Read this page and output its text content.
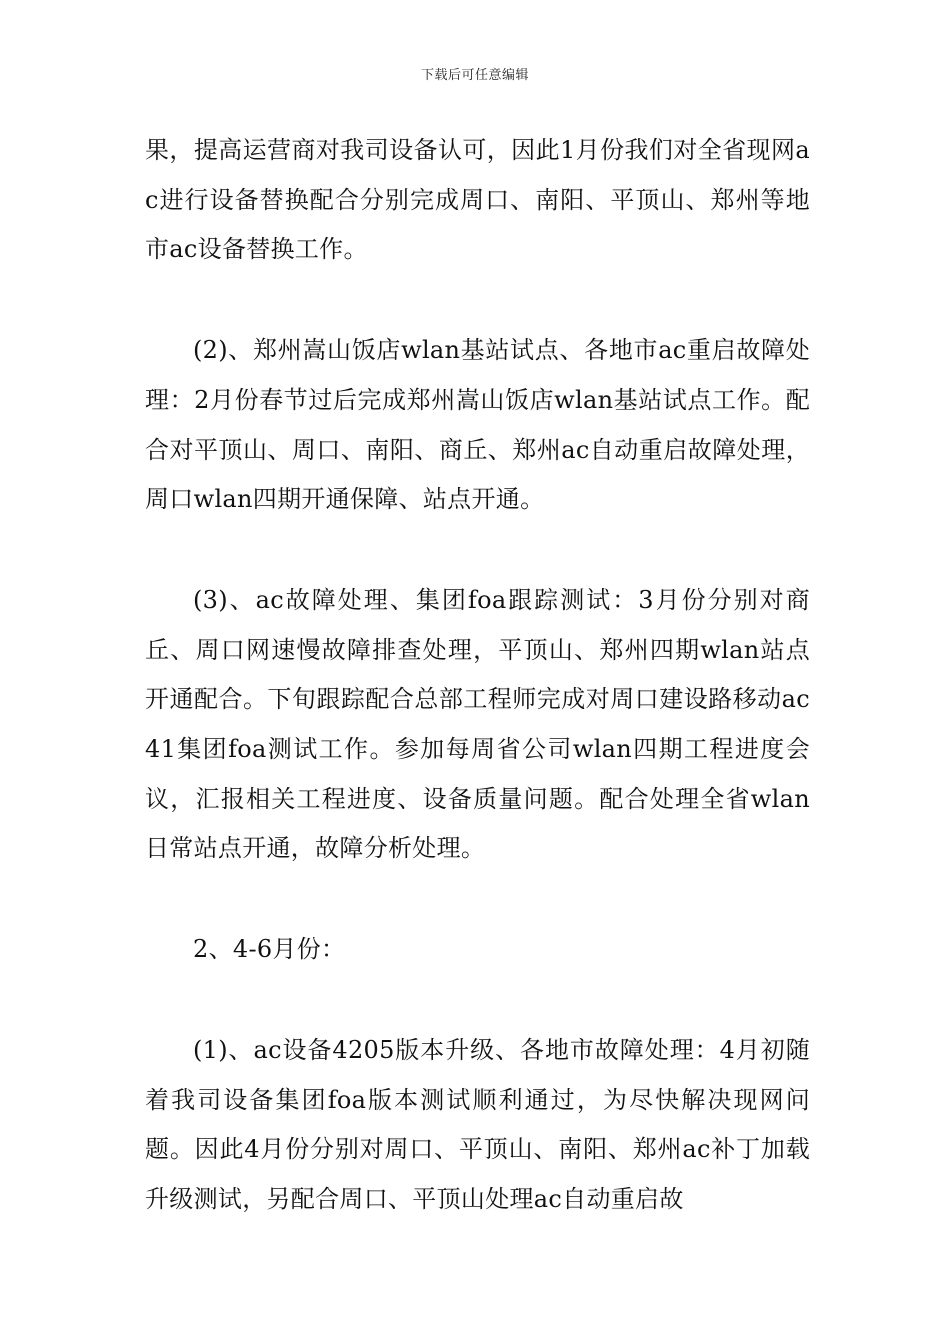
下载后可任意编辑

果，提高运营商对我司设备认可，因此1月份我们对全省现网ac进行设备替换配合分别完成周口、南阳、平顶山、郑州等地市ac设备替换工作。

(2)、郑州嵩山饭店wlan基站试点、各地市ac重启故障处理：2月份春节过后完成郑州嵩山饭店wlan基站试点工作。配合对平顶山、周口、南阳、商丘、郑州ac自动重启故障处理，周口wlan四期开通保障、站点开通。

(3)、ac故障处理、集团foa跟踪测试：3月份分别对商丘、周口网速慢故障排查处理，平顶山、郑州四期wlan站点开通配合。下旬跟踪配合总部工程师完成对周口建设路移动ac41集团foa测试工作。参加每周省公司wlan四期工程进度会议，汇报相关工程进度、设备质量问题。配合处理全省wlan日常站点开通，故障分析处理。

2、4-6月份：

(1)、ac设备4205版本升级、各地市故障处理：4月初随着我司设备集团foa版本测试顺利通过，为尽快解决现网问题。因此4月份分别对周口、平顶山、南阳、郑州ac补丁加载升级测试，另配合周口、平顶山处理ac自动重启故
